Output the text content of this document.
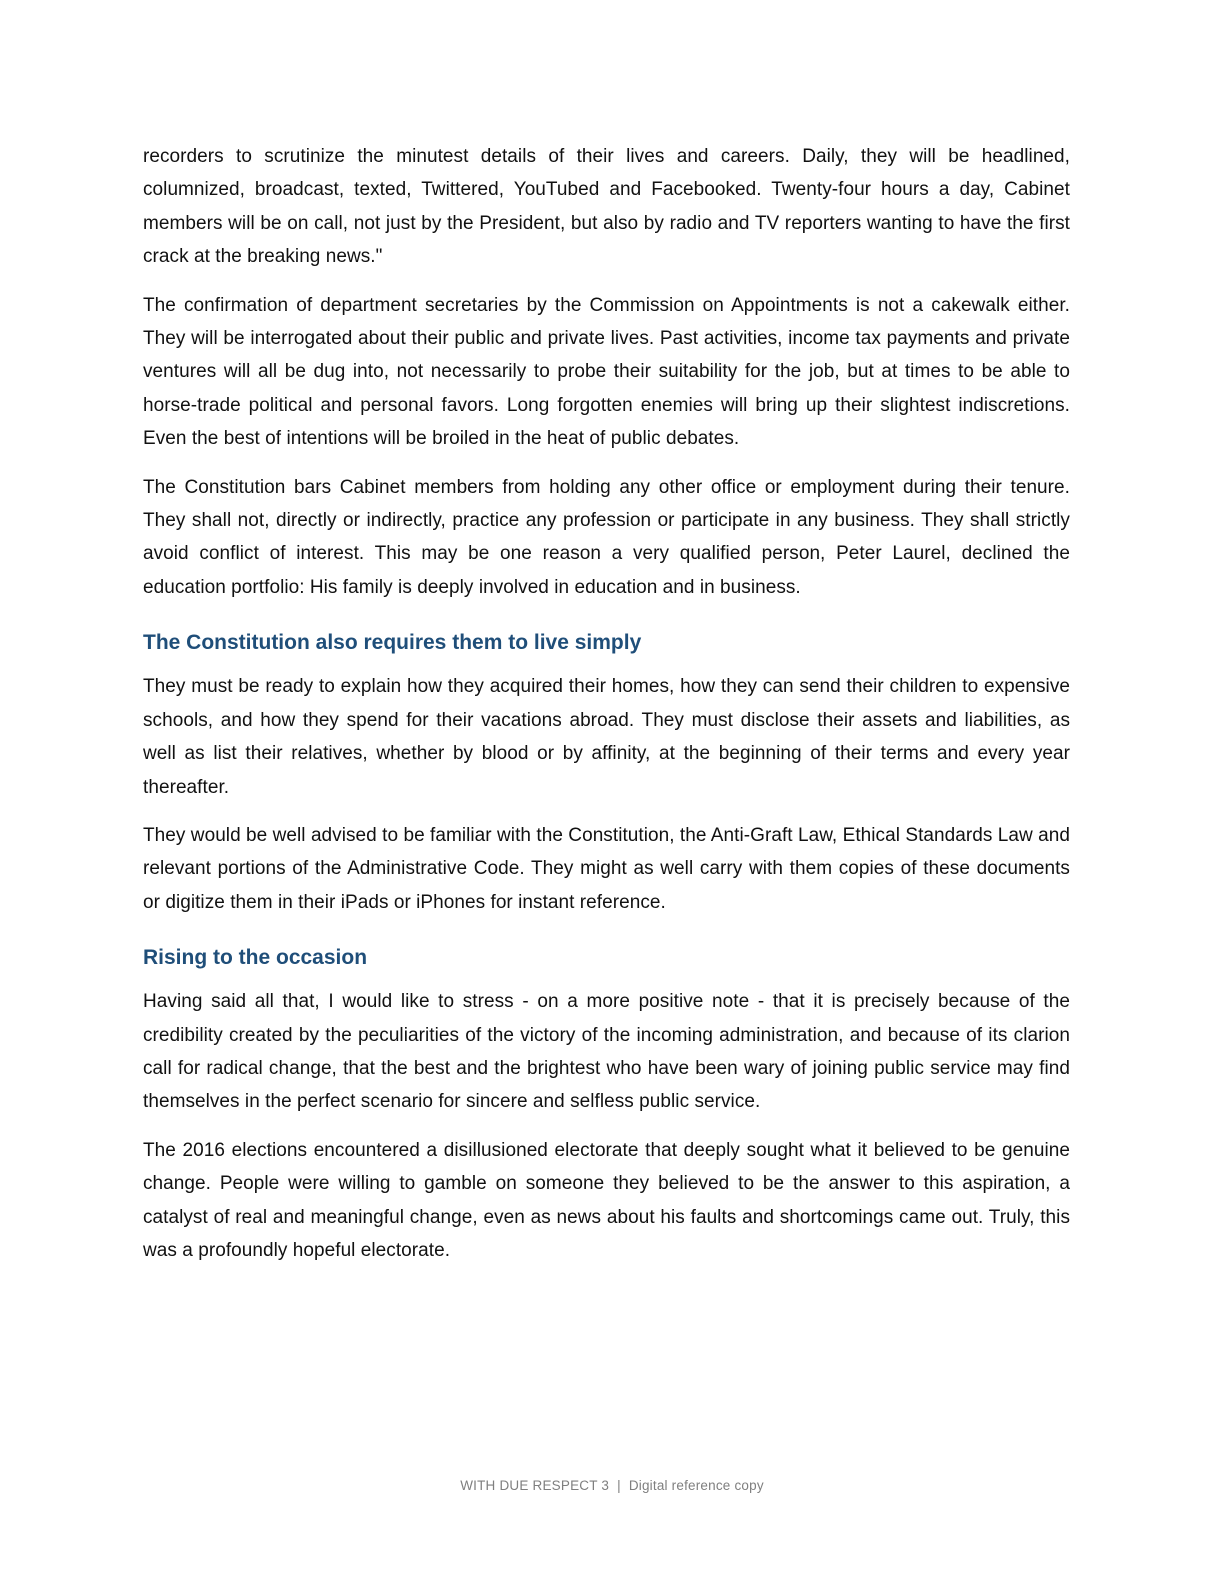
recorders to scrutinize the minutest details of their lives and careers. Daily, they will be headlined, columnized, broadcast, texted, Twittered, YouTubed and Facebooked. Twenty-four hours a day, Cabinet members will be on call, not just by the President, but also by radio and TV reporters wanting to have the first crack at the breaking news."

The confirmation of department secretaries by the Commission on Appointments is not a cakewalk either. They will be interrogated about their public and private lives. Past activities, income tax payments and private ventures will all be dug into, not necessarily to probe their suitability for the job, but at times to be able to horse-trade political and personal favors. Long forgotten enemies will bring up their slightest indiscretions. Even the best of intentions will be broiled in the heat of public debates.

The Constitution bars Cabinet members from holding any other office or employment during their tenure. They shall not, directly or indirectly, practice any profession or participate in any business. They shall strictly avoid conflict of interest. This may be one reason a very qualified person, Peter Laurel, declined the education portfolio: His family is deeply involved in education and in business.

The Constitution also requires them to live simply

They must be ready to explain how they acquired their homes, how they can send their children to expensive schools, and how they spend for their vacations abroad. They must disclose their assets and liabilities, as well as list their relatives, whether by blood or by affinity, at the beginning of their terms and every year thereafter.

They would be well advised to be familiar with the Constitution, the Anti-Graft Law, Ethical Standards Law and relevant portions of the Administrative Code. They might as well carry with them copies of these documents or digitize them in their iPads or iPhones for instant reference.

Rising to the occasion

Having said all that, I would like to stress - on a more positive note - that it is precisely because of the credibility created by the peculiarities of the victory of the incoming administration, and because of its clarion call for radical change, that the best and the brightest who have been wary of joining public service may find themselves in the perfect scenario for sincere and selfless public service.

The 2016 elections encountered a disillusioned electorate that deeply sought what it believed to be genuine change. People were willing to gamble on someone they believed to be the answer to this aspiration, a catalyst of real and meaningful change, even as news about his faults and shortcomings came out. Truly, this was a profoundly hopeful electorate.

WITH DUE RESPECT 3 | Digital reference copy
